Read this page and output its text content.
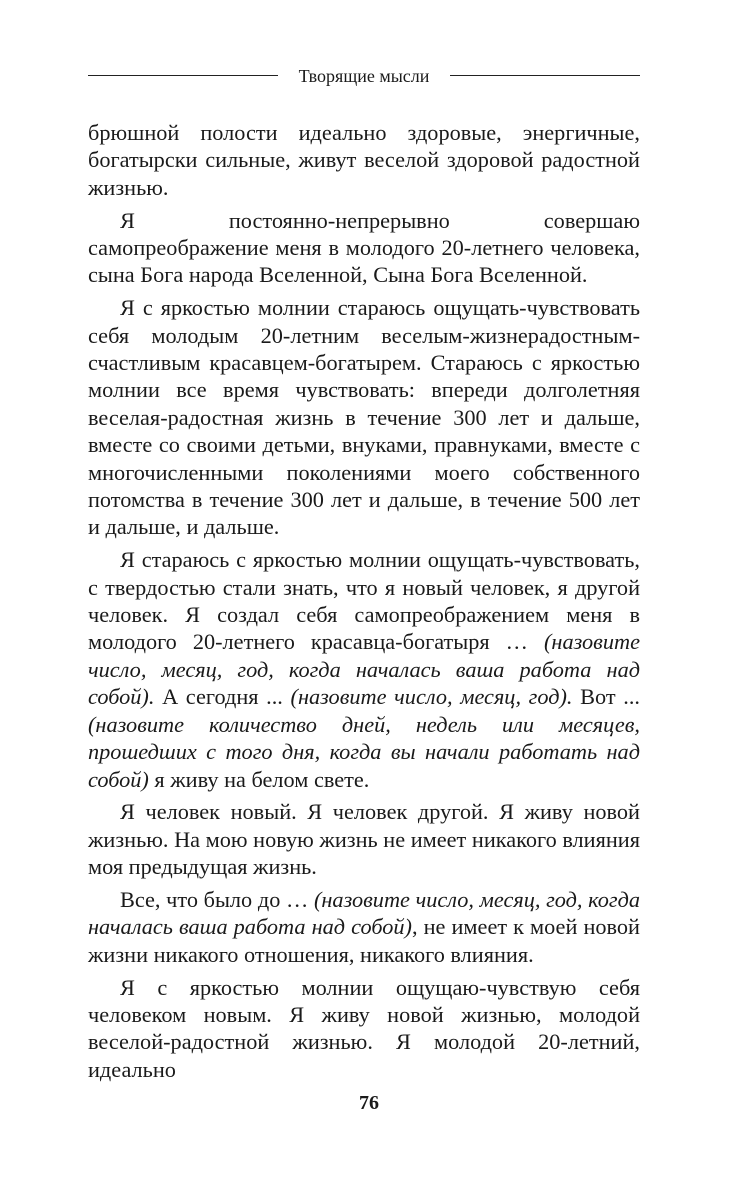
Творящие мысли

брюшной полости идеально здоровые, энергичные, богатырски сильные, живут веселой здоровой радостной жизнью.

Я постоянно-непрерывно совершаю самопреображение меня в молодого 20-летнего человека, сына Бога народа Вселенной, Сына Бога Вселенной.

Я с яркостью молнии стараюсь ощущать-чувствовать себя молодым 20-летним веселым-жизнерадостным-счастливым красавцем-богатырем. Стараюсь с яркостью молнии все время чувствовать: впереди долголетняя веселая-радостная жизнь в течение 300 лет и дальше, вместе со своими детьми, внуками, правнуками, вместе с многочисленными поколениями моего собственного потомства в течение 300 лет и дальше, в течение 500 лет и дальше, и дальше.

Я стараюсь с яркостью молнии ощущать-чувствовать, с твердостью стали знать, что я новый человек, я другой человек. Я создал себя самопреображением меня в молодого 20-летнего красавца-богатыря … (назовите число, месяц, год, когда началась ваша работа над собой). А сегодня ... (назовите число, месяц, год). Вот ... (назовите количество дней, недель или месяцев, прошедших с того дня, когда вы начали работать над собой) я живу на белом свете.

Я человек новый. Я человек другой. Я живу новой жизнью. На мою новую жизнь не имеет никакого влияния моя предыдущая жизнь.

Все, что было до … (назовите число, месяц, год, когда началась ваша работа над собой), не имеет к моей новой жизни никакого отношения, никакого влияния.

Я с яркостью молнии ощущаю-чувствую себя человеком новым. Я живу новой жизнью, молодой веселой-радостной жизнью. Я молодой 20-летний, идеально

76
